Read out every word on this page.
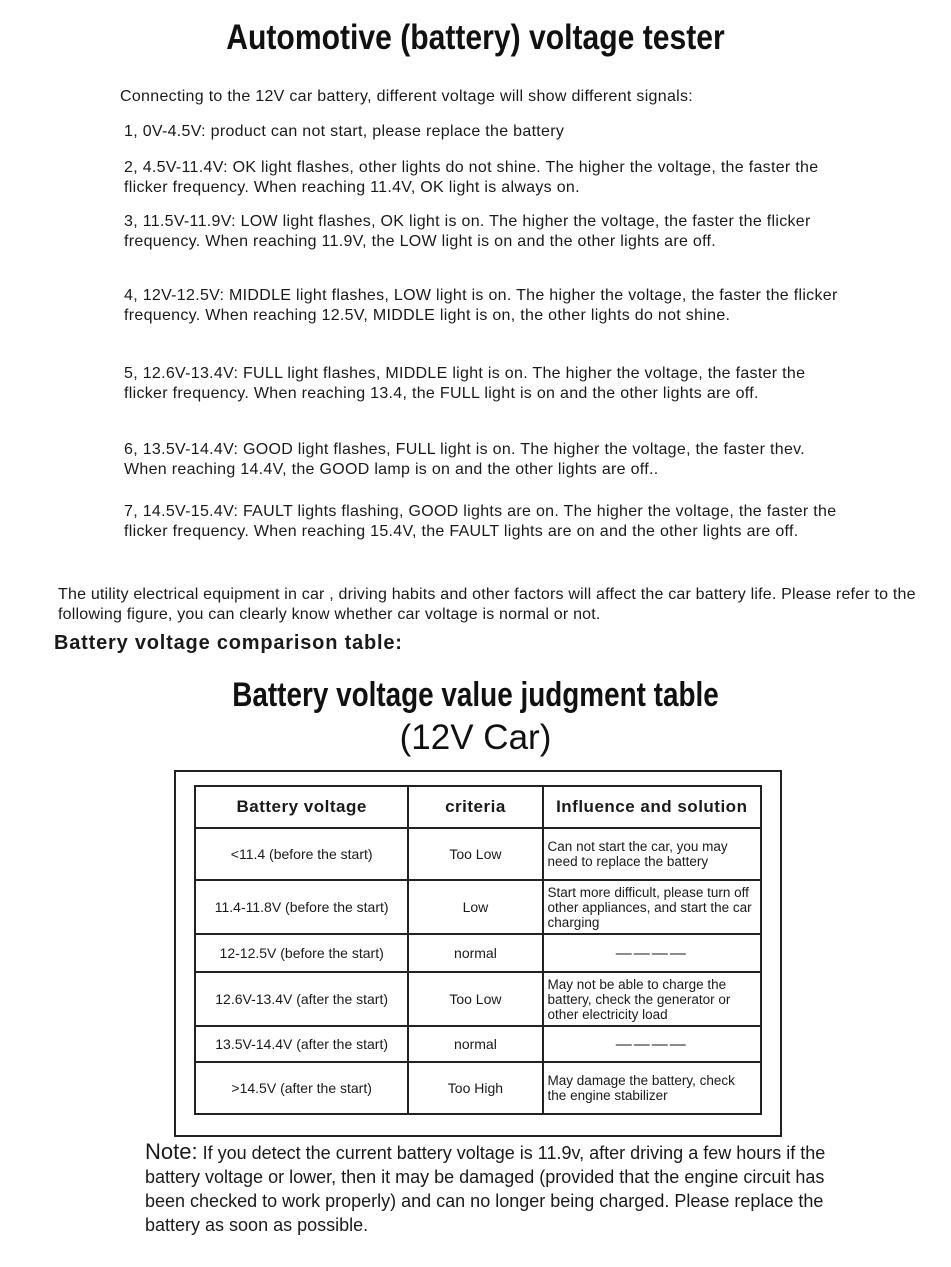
Automotive (battery) voltage tester
Connecting to the 12V car battery, different voltage will show different signals:
1, 0V-4.5V: product can not start, please replace the battery
2, 4.5V-11.4V: OK light flashes, other lights do not shine. The higher the voltage, the faster the flicker frequency. When reaching 11.4V, OK light is always on.
3, 11.5V-11.9V: LOW light flashes, OK light is on. The higher the voltage, the faster the flicker frequency. When reaching 11.9V, the LOW light is on and the other lights are off.
4, 12V-12.5V: MIDDLE light flashes, LOW light is on. The higher the voltage, the faster the flicker frequency. When reaching 12.5V, MIDDLE light is on, the other lights do not shine.
5, 12.6V-13.4V: FULL light flashes, MIDDLE light is on. The higher the voltage, the faster the flicker frequency. When reaching 13.4, the FULL light is on and the other lights are off.
6, 13.5V-14.4V: GOOD light flashes, FULL light is on. The higher the voltage, the faster thev. When reaching 14.4V, the GOOD lamp is on and the other lights are off..
7, 14.5V-15.4V: FAULT lights flashing, GOOD lights are on. The higher the voltage, the faster the flicker frequency. When reaching 15.4V, the FAULT lights are on and the other lights are off.
The utility electrical equipment in car , driving habits and other factors will affect the car battery life. Please refer to the following figure, you can clearly know whether car voltage is normal or not.
Battery voltage comparison table:
Battery voltage value judgment table
(12V Car)
Battery voltage	criteria	Influence and solution
<11.4 (before the start)	Too Low	Can not start the car, you may need to replace the battery
11.4-11.8V (before the start)	Low	Start more difficult, please turn off other appliances, and start the car charging
12-12.5V (before the start)	normal	————
12.6V-13.4V (after the start)	Too Low	May not be able to charge the battery, check the generator or other electricity load
13.5V-14.4V (after the start)	normal	————
>14.5V (after the start)	Too High	May damage the battery, check the engine stabilizer
Note: If you detect the current battery voltage is 11.9v, after driving a few hours if the battery voltage or lower, then it may be damaged (provided that the engine circuit has been checked to work properly) and can no longer being charged. Please replace the battery as soon as possible.
